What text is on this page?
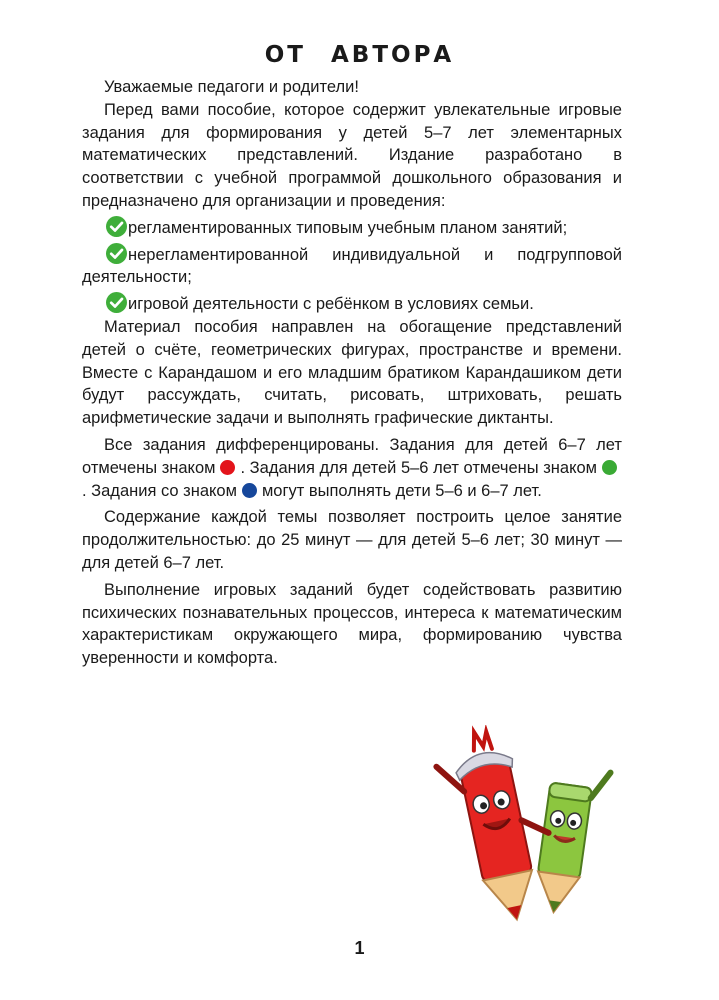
ОТ АВТОРА

Уважаемые педагоги и родители!

Перед вами пособие, которое содержит увлекательные игровые задания для формирования у детей 5–7 лет элементарных математических представлений. Издание разработано в соответствии с учебной программой дошкольного образования и предназначено для организации и проведения:

регламентированных типовым учебным планом занятий;

нерегламентированной индивидуальной и подгрупповой деятельности;

игровой деятельности с ребёнком в условиях семьи.

Материал пособия направлен на обогащение представлений детей о счёте, геометрических фигурах, пространстве и времени. Вместе с Карандашом и его младшим братиком Карандашиком дети будут рассуждать, считать, рисовать, штриховать, решать арифметические задачи и выполнять графические диктанты.

Все задания дифференцированы. Задания для детей 6–7 лет отмечены знаком . Задания для детей 5–6 лет отмечены знаком. Задания со знаком могут выполнять дети 5–6 и 6–7 лет.

Содержание каждой темы позволяет построить целое занятие продолжительностью: до 25 минут — для детей 5–6 лет; 30 минут — для детей 6–7 лет.

Выполнение игровых заданий будет содействовать развитию психических познавательных процессов, интереса к математическим характеристикам окружающего мира, формированию чувства уверенности и комфорта.

1
